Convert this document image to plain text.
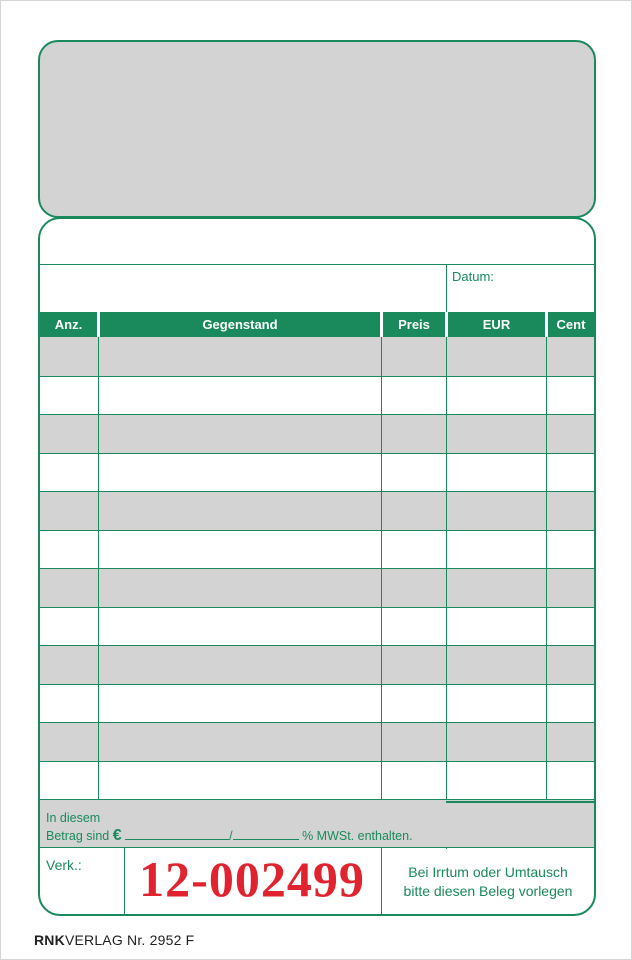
Datum:
Anz.	Gegenstand	Preis	EUR	Cent
In diesem
Betrag sind €	/	% MWSt. enthalten.
Verk.:	12-002499	Bei Irrtum oder Umtausch
bitte diesen Beleg vorlegen
RNKVERLAG Nr. 2952 F
